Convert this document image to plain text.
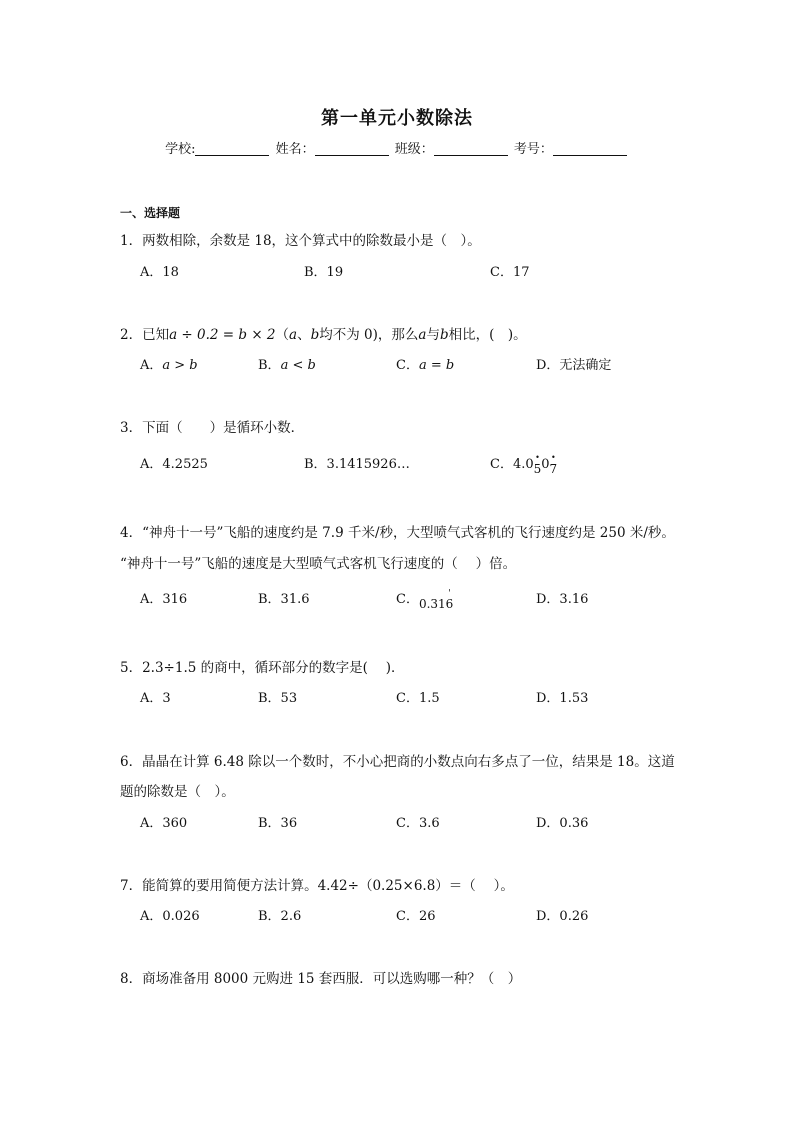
第一单元小数除法
学校:	姓名：	班级：	考号：
一、选择题
1．两数相除，余数是 18，这个算式中的除数最小是（　）。
A．18	B．19	C．17
2．已知a ÷ 0.2 = b × 2（a、b均不为 0)，那么a与b相比，(　)。
A．a > b	B．a < b	C．a = b	D．无法确定
3．下面（　　）是循环小数．
A．4.2525	B．3.1415926…	C．4.0• 50• 7
4．“神舟十一号”飞船的速度约是 7.9 千米/秒，大型喷气式客机的飞行速度约是 250 米/秒。
“神舟十一号”飞船的速度是大型喷气式客机飞行速度的（　 ）倍。
A．316	B．31.6	C．0.31' 6	D．3.16
5．2.3÷1.5 的商中，循环部分的数字是(　 )．
A．3	B．53	C．1.5	D．1.53
6．晶晶在计算 6.48 除以一个数时，不小心把商的小数点向右多点了一位，结果是 18。这道
题的除数是（　）。
A．360	B．36	C．3.6	D．0.36
7．能简算的要用简便方法计算。4.42÷（0.25×6.8）＝（　 ）。
A．0.026	B．2.6	C．26	D．0.26
8．商场准备用 8000 元购进 15 套西服．可以选购哪一种？（　）
